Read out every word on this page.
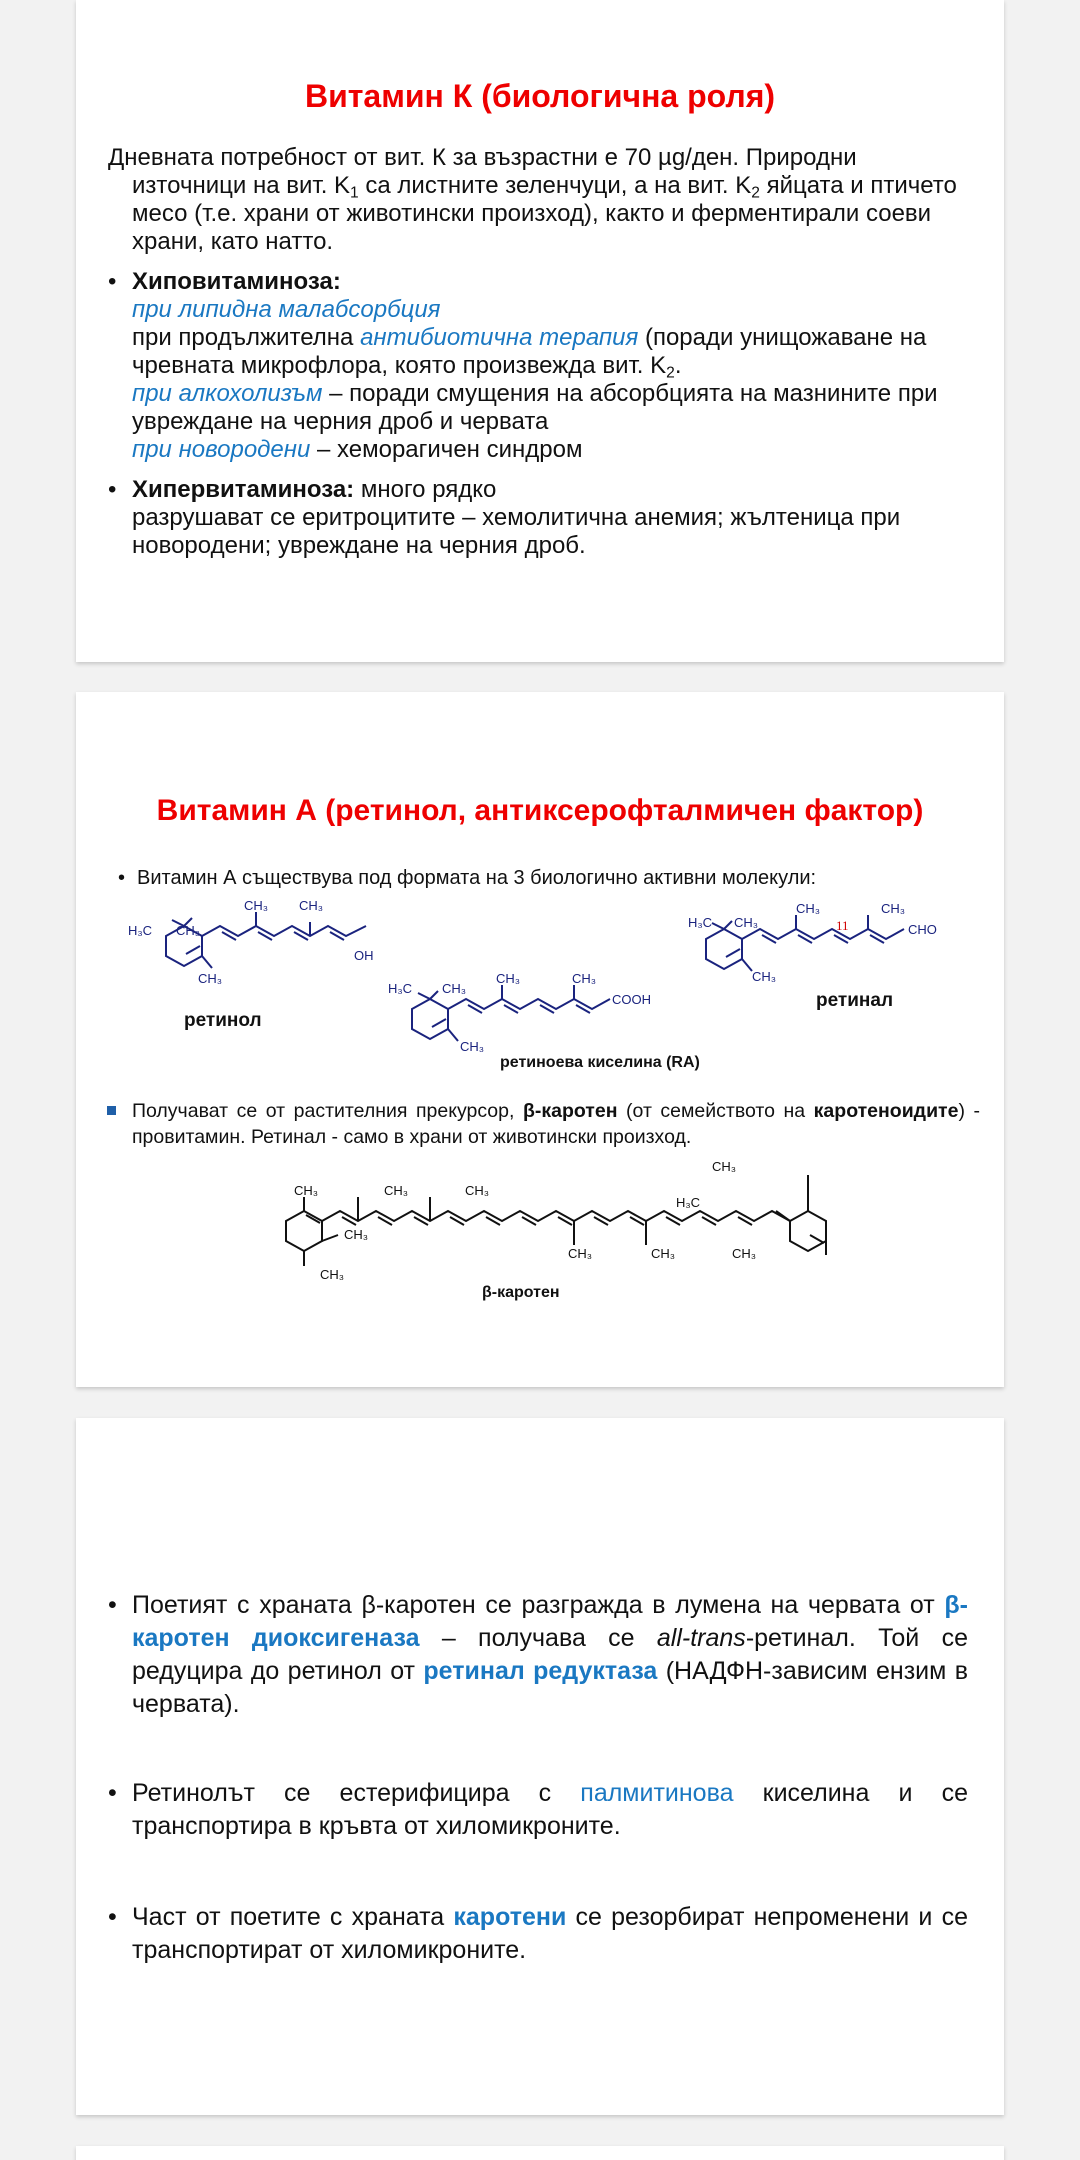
Витамин К (биологична роля)

Дневната потребност от вит. К за възрастни е 70 µg/ден. Природни източници на вит. $K_1$ са листните зеленчуци, а на вит. $K_2$ яйцата и птичето месо (т.е. храни от животински произход), както и ферментирали соеви храни, като натто.

• Хиповитаминоза:
при липидна малабсорбция
при продължителна антибиотична терапия (поради унищожаване на чревната микрофлора, която произвежда вит. $K_2$.
при алкохолизъм – поради смущения на абсорбцията на мазнините при увреждане на черния дроб и червата
при новородени – хеморагичен синдром
• Хипервитаминоза: много рядко
разрушават се еритроцитите – хемолитична анемия; жълтеница при новородени; увреждане на черния дроб.
Витамин А (ретинол, антиксерофталмичен фактор)
• Витамин А съществува под формата на 3 биологично активни молекули:
H₃C CH₃
CH₃ CH₃
OH
CH₃
H₃C CH₃
CH₃	CH₃
COOH
CH₃
H₃C CH₃
CH₃	CH₃
CHO
CH₃
11
CH₃	CH₃	CH₃
CH₃
CH₃
CH₃	CH₃
H₃C
CH₃
CH₃
ретинол
ретиноева киселина (RA)
ретинал
Получават се от растителния прекурсор, β-каротен (от семейството на каротеноидите) - провитамин. Ретинал - само в храни от животински произход.
β-каротен
• Поетият с храната β-каротен се разгражда в лумена на червата от β-каротен диоксигеназа – получава се all-trans-ретинал. Той се редуцира до ретинол от ретинал редуктаза (НАДФН-зависим ензим в червата).
• Ретинолът се естерифицира с палмитинова киселина и се транспортира в кръвта от хиломикроните.
• Част от поетите с храната каротени се резорбират непроменени и се транспортират от хиломикроните.
